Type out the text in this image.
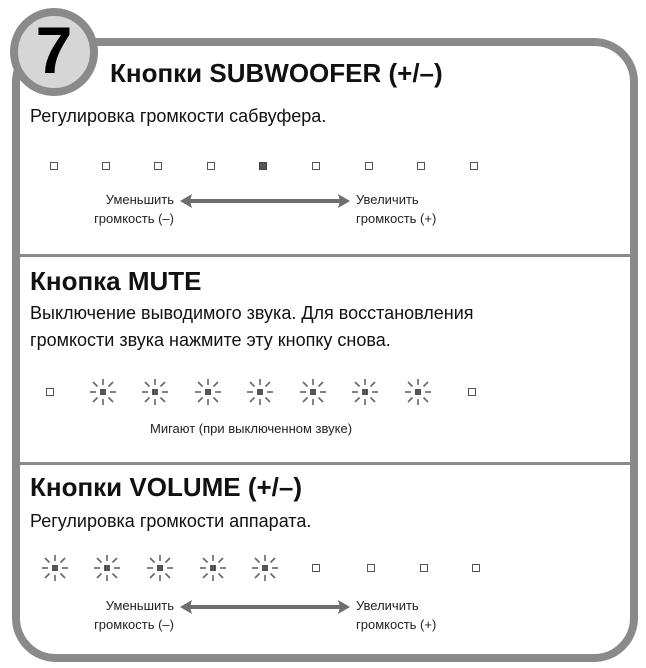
7 Кнопки SUBWOOFER (+/–)
Регулировка громкости сабвуфера.
Уменьшить
громкость (–)
Увеличить
громкость (+)
Кнопка MUTE
Выключение выводимого звука. Для восстановления
громкости звука нажмите эту кнопку снова.
Мигают (при выключенном звуке)
Кнопки VOLUME (+/–)
Регулировка громкости аппарата.
Уменьшить
громкость (–)
Увеличить
громкость (+)
